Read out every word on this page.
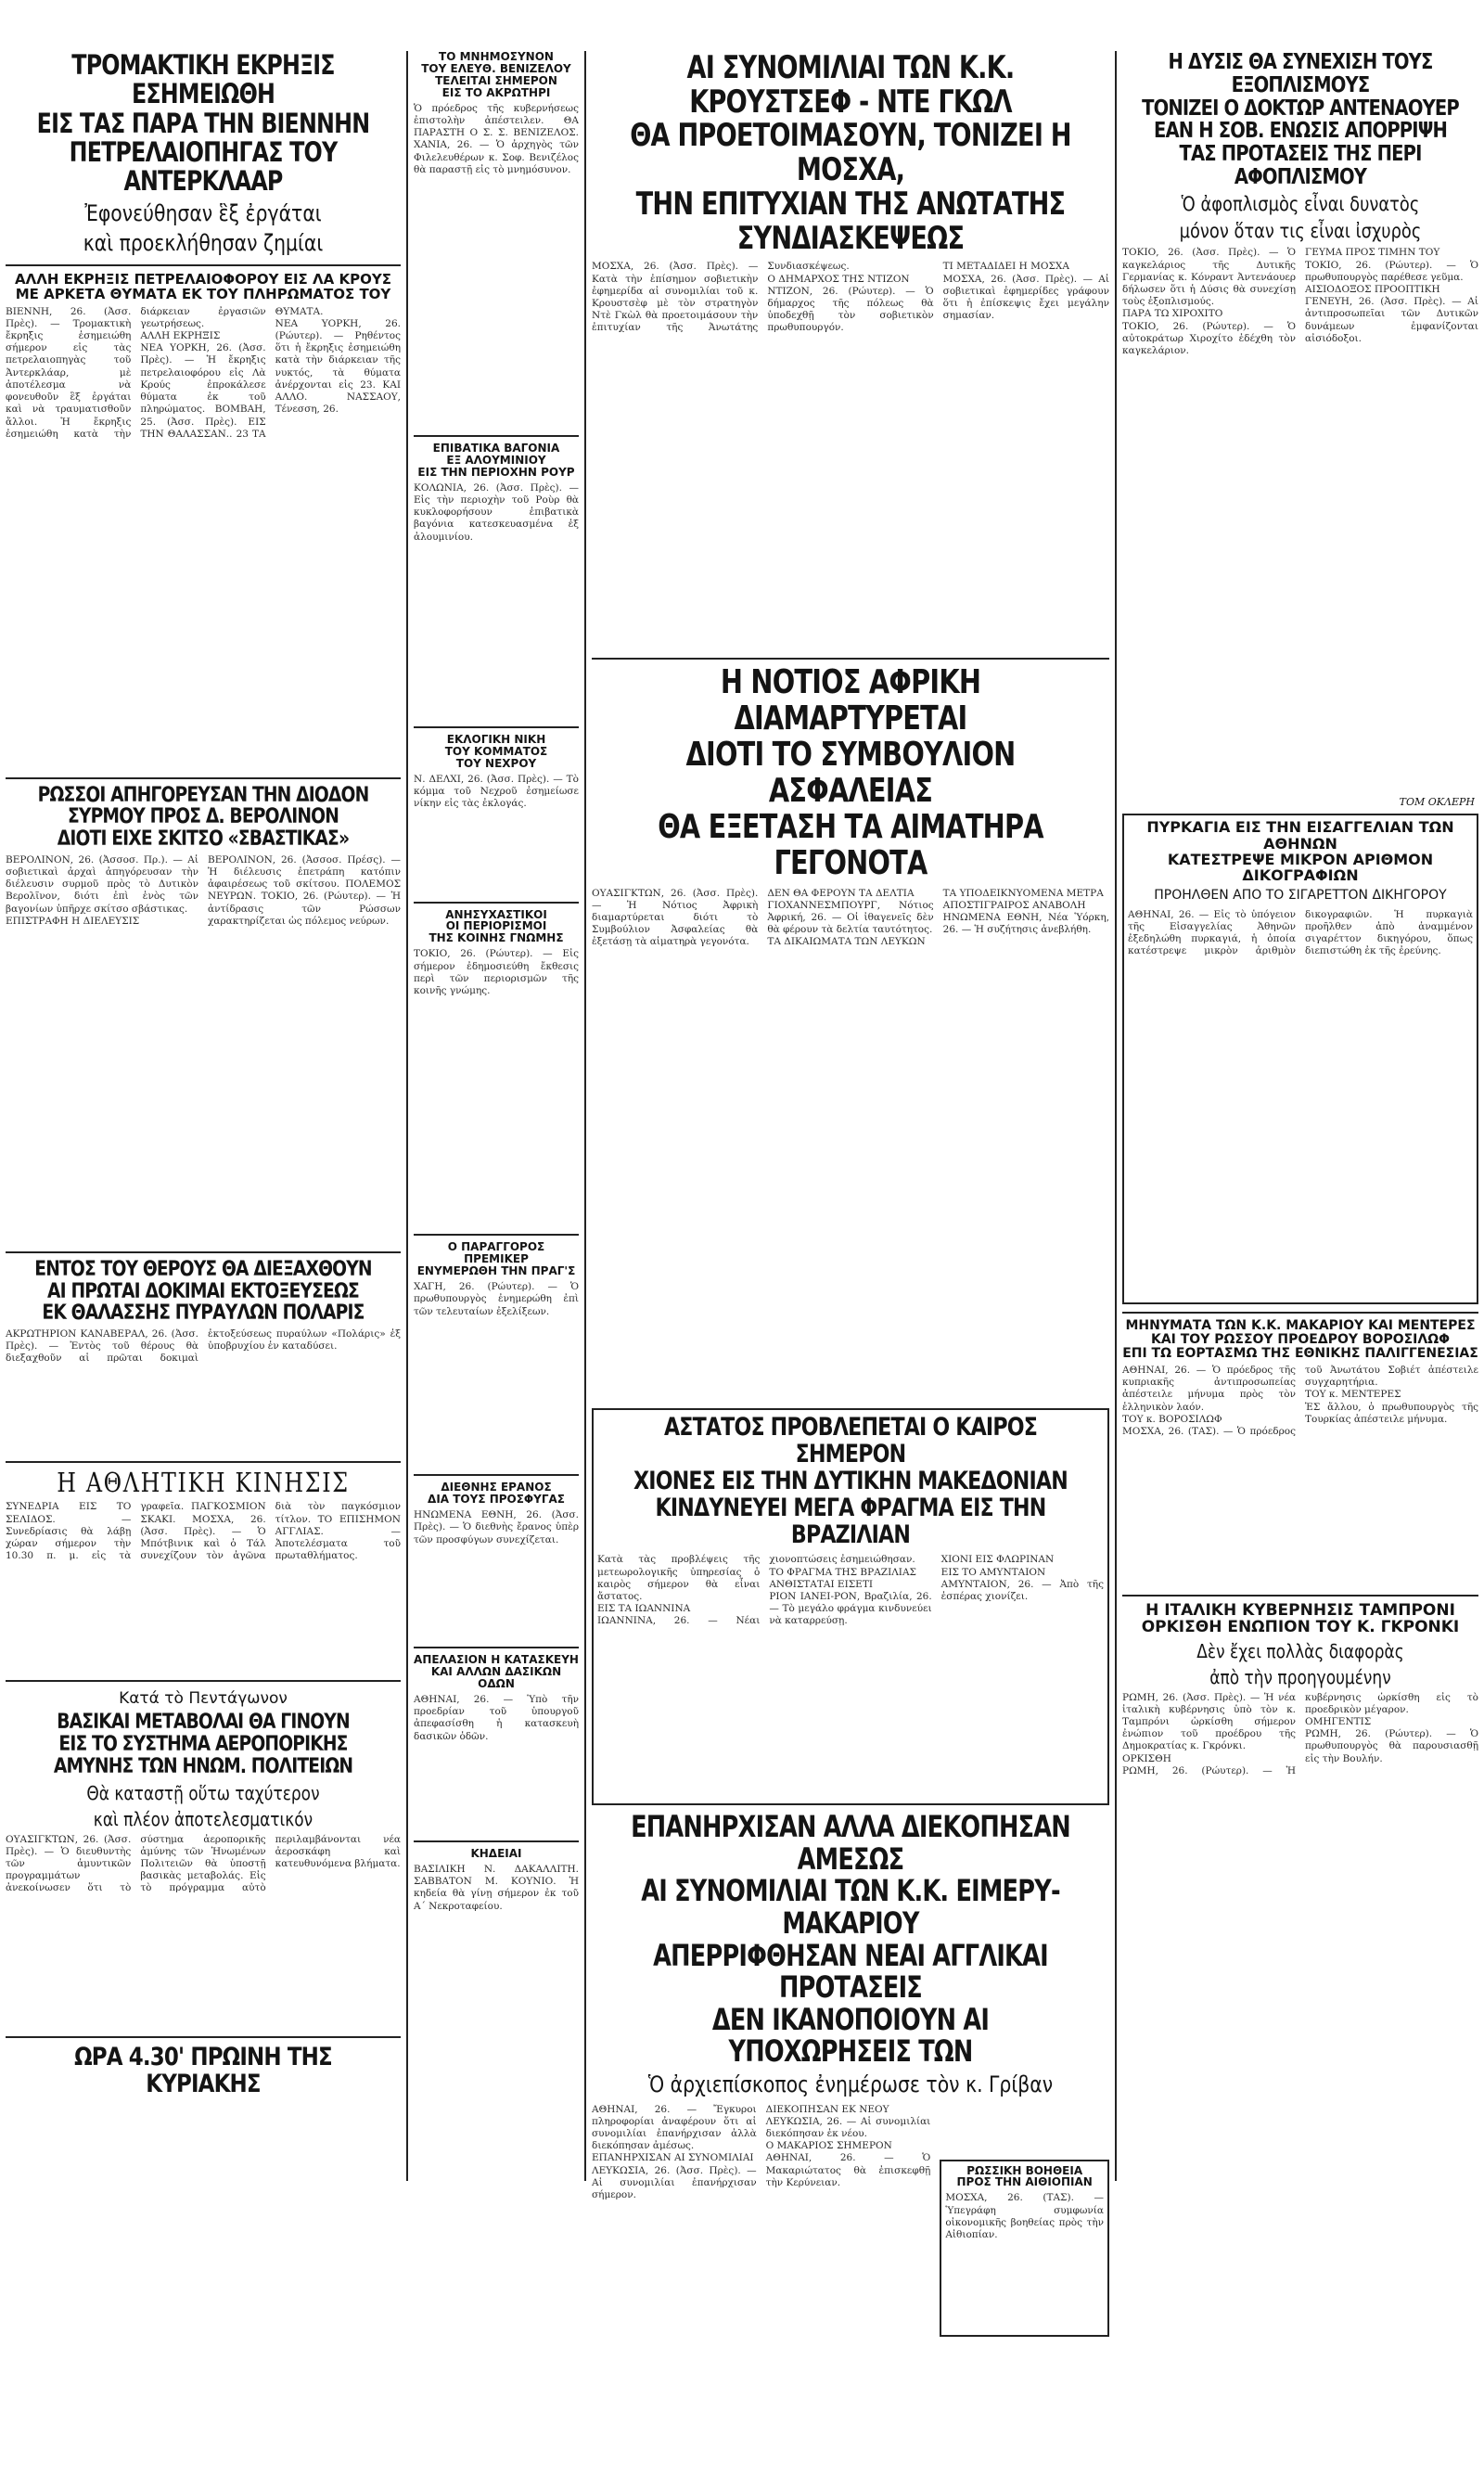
ΤΡΟΜΑΚΤΙΚΗ ΕΚΡΗΞΙΣ ΕΣΗΜΕΙΩΘΗ
ΕΙΣ ΤΑΣ ΠΑΡΑ ΤΗΝ ΒΙΕΝΝΗΝ
ΠΕΤΡΕΛΑΙΟΠΗΓΑΣ ΤΟΥ ΑΝΤΕΡΚΛΑΑΡ
Ἐφονεύθησαν ἓξ ἐργάται
καὶ προεκλήθησαν ζημίαι
ΑΛΛΗ ΕΚΡΗΞΙΣ ΠΕΤΡΕΛΑΙΟΦΟΡΟΥ ΕΙΣ ΛΑ ΚΡΟΥΣ
ΜΕ ΑΡΚΕΤΑ ΘΥΜΑΤΑ ΕΚ ΤΟΥ ΠΛΗΡΩΜΑΤΟΣ ΤΟΥ
ΒΙΕΝΝΗ, 26. (Ἀσσ. Πρὲς). — Τρομακτικὴ ἔκρηξις ἐσημειώθη σήμερον εἰς τὰς πετρελαιοπηγὰς τοῦ Ἀντερκλάαρ, μὲ ἀποτέλεσμα νὰ φονευθοῦν ἓξ ἐργάται καὶ νὰ τραυματισθοῦν ἄλλοι. Ἡ ἔκρηξις ἐσημειώθη κατὰ τὴν διάρκειαν ἐργασιῶν γεωτρήσεως.
ΑΛΛΗ ΕΚΡΗΞΙΣ
ΝΕΑ ΥΟΡΚΗ, 26. (Ἀσσ. Πρὲς). — Ἡ ἔκρηξις πετρελαιοφόρου εἰς Λὰ Κρούς ἐπροκάλεσε θύματα ἐκ τοῦ πληρώματος. ΒΟΜΒΑΗ, 25. (Ἀσσ. Πρὲς). ΕΙΣ ΤΗΝ ΘΑΛΑΣΣΑΝ.. 23 ΤΑ ΘΥΜΑΤΑ.
ΝΕΑ ΥΟΡΚΗ, 26. (Ρώυτερ). — Ρηθέντος ὅτι ἡ ἔκρηξις ἐσημειώθη κατὰ τὴν διάρκειαν τῆς νυκτός, τὰ θύματα ἀνέρχονται εἰς 23. ΚΑΙ ΑΛΛΟ. ΝΑΣΣΑΟΥ, Τένεσση, 26.
ΡΩΣΣΟΙ ΑΠΗΓΟΡΕΥΣΑΝ ΤΗΝ ΔΙΟΔΟΝ
ΣΥΡΜΟΥ ΠΡΟΣ Δ. ΒΕΡΟΛΙΝΟΝ
ΔΙΟΤΙ ΕΙΧΕ ΣΚΙΤΣΟ «ΣΒΑΣΤΙΚΑΣ»
ΒΕΡΟΛΙΝΟΝ, 26. (Ἀσσοσ. Πρ.). — Αἱ σοβιετικαὶ ἀρχαὶ ἀπηγόρευσαν τὴν διέλευσιν συρμοῦ πρὸς τὸ Δυτικὸν Βερολῖνον, διότι ἐπὶ ἑνὸς τῶν βαγονίων ὑπῆρχε σκίτσο σβάστικας.
ΕΠΙΣΤΡΑΦΗ Η ΔΙΕΛΕΥΣΙΣ
ΒΕΡΟΛΙΝΟΝ, 26. (Ἀσσοσ. Πρέσς). — Ἡ διέλευσις ἐπετράπη κατόπιν ἀφαιρέσεως τοῦ σκίτσου. ΠΟΛΕΜΟΣ ΝΕΥΡΩΝ. ΤΟΚΙΟ, 26. (Ρώυτερ). — Ἡ ἀντίδρασις τῶν Ρώσσων χαρακτηρίζεται ὡς πόλεμος νεύρων.
ΕΝΤΟΣ ΤΟΥ ΘΕΡΟΥΣ ΘΑ ΔΙΕΞΑΧΘΟΥΝ
ΑΙ ΠΡΩΤΑΙ ΔΟΚΙΜΑΙ ΕΚΤΟΞΕΥΣΕΩΣ
ΕΚ ΘΑΛΑΣΣΗΣ ΠΥΡΑΥΛΩΝ ΠΟΛΑΡΙΣ
ΑΚΡΩΤΗΡΙΟΝ ΚΑΝΑΒΕΡΑΛ, 26. (Ἀσσ. Πρὲς). — Ἐντὸς τοῦ θέρους θὰ διεξαχθοῦν αἱ πρῶται δοκιμαὶ ἐκτοξεύσεως πυραύλων «Πολάρις» ἐξ ὑποβρυχίου ἐν καταδύσει.
Η ΑΘΛΗΤΙΚΗ ΚΙΝΗΣΙΣ
ΣΥΝΕΔΡΙΑ ΕΙΣ ΤΟ ΣΕΛΙΔΟΣ. — Συνεδρίασις θὰ λάβῃ χώραν σήμερον τὴν 10.30 π. μ. εἰς τὰ γραφεῖα. ΠΑΓΚΟΣΜΙΟΝ ΣΚΑΚΙ. ΜΟΣΧΑ, 26. (Ἀσσ. Πρὲς). — Ὁ Μπότβινικ καὶ ὁ Τάλ συνεχίζουν τὸν ἀγῶνα διὰ τὸν παγκόσμιον τίτλον. ΤΟ ΕΠΙΣΗΜΟΝ ΑΓΓΛΙΑΣ. — Ἀποτελέσματα τοῦ πρωταθλήματος.
Κατά τὸ Πεντάγωνον
ΒΑΣΙΚΑΙ ΜΕΤΑΒΟΛΑΙ ΘΑ ΓΙΝΟΥΝ
ΕΙΣ ΤΟ ΣΥΣΤΗΜΑ ΑΕΡΟΠΟΡΙΚΗΣ
ΑΜΥΝΗΣ ΤΩΝ ΗΝΩΜ. ΠΟΛΙΤΕΙΩΝ
Θὰ καταστῇ οὕτω ταχύτερον
καὶ πλέον ἀποτελεσματικόν
ΟΥΑΣΙΓΚΤΩΝ, 26. (Ἀσσ. Πρὲς). — Ὁ διευθυντὴς τῶν ἀμυντικῶν προγραμμάτων ἀνεκοίνωσεν ὅτι τὸ σύστημα ἀεροπορικῆς ἀμύνης τῶν Ἡνωμένων Πολιτειῶν θὰ ὑποστῇ βασικὰς μεταβολάς. Εἰς τὸ πρόγραμμα αὐτὸ περιλαμβάνονται νέα ἀεροσκάφη καὶ κατευθυνόμενα βλήματα.
ΩΡΑ 4.30' ΠΡΩΙΝΗ ΤΗΣ ΚΥΡΙΑΚΗΣ
ΤΟ ΜΝΗΜΟΣΥΝΟΝ
ΤΟΥ ΕΛΕΥΘ. ΒΕΝΙΖΕΛΟΥ
ΤΕΛΕΙΤΑΙ ΣΗΜΕΡΟΝ
ΕΙΣ ΤΟ ΑΚΡΩΤΗΡΙ
Ὁ πρόεδρος τῆς κυβερνήσεως ἐπιστολὴν ἀπέστειλεν. ΘΑ ΠΑΡΑΣΤΗ Ο Σ. Σ. ΒΕΝΙΖΕΛΟΣ. ΧΑΝΙΑ, 26. — Ὁ ἀρχηγὸς τῶν Φιλελευθέρων κ. Σοφ. Βενιζέλος θὰ παραστῇ εἰς τὸ μνημόσυνον.
ΕΠΙΒΑΤΙΚΑ ΒΑΓΟΝΙΑ
ΕΞ ΑΛΟΥΜΙΝΙΟΥ
ΕΙΣ ΤΗΝ ΠΕΡΙΟΧΗΝ ΡΟΥΡ
ΚΟΛΩΝΙΑ, 26. (Ἀσσ. Πρὲς). — Εἰς τὴν περιοχὴν τοῦ Ροὺρ θὰ κυκλοφορήσουν ἐπιβατικὰ βαγόνια κατεσκευασμένα ἐξ ἀλουμινίου.
ΕΚΛΟΓΙΚΗ ΝΙΚΗ
ΤΟΥ ΚΟΜΜΑΤΟΣ
ΤΟΥ ΝΕΧΡΟΥ
Ν. ΔΕΛΧΙ, 26. (Ἀσσ. Πρὲς). — Τὸ κόμμα τοῦ Νεχροῦ ἐσημείωσε νίκην εἰς τὰς ἐκλογάς.
ΑΝΗΣΥΧΑΣΤΙΚΟΙ
ΟΙ ΠΕΡΙΟΡΙΣΜΟΙ
ΤΗΣ ΚΟΙΝΗΣ ΓΝΩΜΗΣ
ΤΟΚΙΟ, 26. (Ρώυτερ). — Εἰς σήμερον ἐδημοσιεύθη ἔκθεσις περὶ τῶν περιορισμῶν τῆς κοινῆς γνώμης.
Ο ΠΑΡΑΓΓΟΡΟΣ ΠΡΕΜΙΚΕΡ
ΕΝΥΜΕΡΩΘΗ ΤΗΝ ΠΡΑΓ'Σ
ΧΑΓΗ, 26. (Ρώυτερ). — Ὁ πρωθυπουργὸς ἐνημερώθη ἐπὶ τῶν τελευταίων ἐξελίξεων.
ΔΙΕΘΝΗΣ ΕΡΑΝΟΣ
ΔΙΑ ΤΟΥΣ ΠΡΟΣΦΥΓΑΣ
ΗΝΩΜΕΝΑ ΕΘΝΗ, 26. (Ἀσσ. Πρὲς). — Ὁ διεθνὴς ἔρανος ὑπὲρ τῶν προσφύγων συνεχίζεται.
ΑΠΕΛΑΣΙΟΝ Η ΚΑΤΑΣΚΕΥΗ
ΚΑΙ ΑΛΛΩΝ ΔΑΣΙΚΩΝ ΟΔΩΝ
ΑΘΗΝΑΙ, 26. — Ὑπὸ τῆν προεδρίαν τοῦ ὑπουργοῦ ἀπεφασίσθη ἡ κατασκευὴ δασικῶν ὁδῶν.
ΚΗΔΕΙΑΙ
ΒΑΣΙΛΙΚΗ Ν. ΔΑΚΑΛΛΙΤΗ. ΣΑΒΒΑΤΟΝ Μ. ΚΟΥΝΙΟ. Ἡ κηδεία θὰ γίνῃ σήμερον ἐκ τοῦ Α΄ Νεκροταφείου.
ΑΙ ΣΥΝΟΜΙΛΙΑΙ ΤΩΝ Κ.Κ. ΚΡΟΥΣΤΣΕΦ - ΝΤΕ ΓΚΩΛ
ΘΑ ΠΡΟΕΤΟΙΜΑΣΟΥΝ, ΤΟΝΙΖΕΙ Η ΜΟΣΧΑ,
ΤΗΝ ΕΠΙΤΥΧΙΑΝ ΤΗΣ ΑΝΩΤΑΤΗΣ ΣΥΝΔΙΑΣΚΕΨΕΩΣ
ΜΟΣΧΑ, 26. (Ἀσσ. Πρὲς). — Κατὰ τὴν ἐπίσημον σοβιετικὴν ἐφημερίδα αἱ συνομιλίαι τοῦ κ. Κρουστσὲφ μὲ τὸν στρατηγὸν Ντὲ Γκὼλ θὰ προετοιμάσουν τὴν ἐπιτυχίαν τῆς Ἀνωτάτης Συνδιασκέψεως.
Ο ΔΗΜΑΡΧΟΣ ΤΗΣ ΝΤΙΖΟΝ
ΝΤΙΖΟΝ, 26. (Ρώυτερ). — Ὁ δήμαρχος τῆς πόλεως θὰ ὑποδεχθῇ τὸν σοβιετικὸν πρωθυπουργόν.
ΤΙ ΜΕΤΑΔΙΔΕΙ Η ΜΟΣΧΑ
ΜΟΣΧΑ, 26. (Ἀσσ. Πρὲς). — Αἱ σοβιετικαὶ ἐφημερίδες γράφουν ὅτι ἡ ἐπίσκεψις ἔχει μεγάλην σημασίαν.
Η ΝΟΤΙΟΣ ΑΦΡΙΚΗ ΔΙΑΜΑΡΤΥΡΕΤΑΙ
ΔΙΟΤΙ ΤΟ ΣΥΜΒΟΥΛΙΟΝ ΑΣΦΑΛΕΙΑΣ
ΘΑ ΕΞΕΤΑΣΗ ΤΑ ΑΙΜΑΤΗΡΑ ΓΕΓΟΝΟΤΑ
ΟΥΑΣΙΓΚΤΩΝ, 26. (Ἀσσ. Πρὲς). — Ἡ Νότιος Ἀφρικὴ διαμαρτύρεται διότι τὸ Συμβούλιον Ἀσφαλείας θὰ ἐξετάσῃ τὰ αἱματηρὰ γεγονότα.
ΔΕΝ ΘΑ ΦΕΡΟΥΝ ΤΑ ΔΕΛΤΙΑ
ΓΙΟΧΑΝΝΕΣΜΠΟΥΡΓ, Νότιος Ἀφρική, 26. — Οἱ ἰθαγενεῖς δὲν θὰ φέρουν τὰ δελτία ταυτότητος.
ΤΑ ΔΙΚΑΙΩΜΑΤΑ ΤΩΝ ΛΕΥΚΩΝ
ΤΑ ΥΠΟΔΕΙΚΝΥΟΜΕΝΑ ΜΕΤΡΑ
ΑΠΟΣΤΙΓΡΑΙΡΟΣ ΑΝΑΒΟΛΗ
ΗΝΩΜΕΝΑ ΕΘΝΗ, Νέα Ὑόρκη, 26. — Ἡ συζήτησις ἀνεβλήθη.
ΑΣΤΑΤΟΣ ΠΡΟΒΛΕΠΕΤΑΙ Ο ΚΑΙΡΟΣ ΣΗΜΕΡΟΝ
ΧΙΟΝΕΣ ΕΙΣ ΤΗΝ ΔΥΤΙΚΗΝ ΜΑΚΕΔΟΝΙΑΝ
ΚΙΝΔΥΝΕΥΕΙ ΜΕΓΑ ΦΡΑΓΜΑ ΕΙΣ ΤΗΝ ΒΡΑΖΙΛΙΑΝ
Κατὰ τὰς προβλέψεις τῆς μετεωρολογικῆς ὑπηρεσίας ὁ καιρὸς σήμερον θὰ εἶναι ἄστατος.
ΕΙΣ ΤΑ ΙΩΑΝΝΙΝΑ
ΙΩΑΝΝΙΝΑ, 26. — Νέαι χιονοπτώσεις ἐσημειώθησαν.
ΤΟ ΦΡΑΓΜΑ ΤΗΣ ΒΡΑΖΙΛΙΑΣ
ΑΝΘΙΣΤΑΤΑΙ ΕΙΣΕΤΙ
ΡΙΟΝ ΙΑΝΕΙ-ΡΟΝ, Βραζιλία, 26. — Τὸ μεγάλο φράγμα κινδυνεύει νὰ καταρρεύσῃ.
ΧΙΟΝΙ ΕΙΣ ΦΛΩΡΙΝΑΝ
ΕΙΣ ΤΟ ΑΜΥΝΤΑΙΟΝ
ΑΜΥΝΤΑΙΟΝ, 26. — Ἀπὸ τῆς ἐσπέρας χιονίζει.
ΕΠΑΝΗΡΧΙΣΑΝ ΑΛΛΑ ΔΙΕΚΟΠΗΣΑΝ ΑΜΕΣΩΣ
ΑΙ ΣΥΝΟΜΙΛΙΑΙ ΤΩΝ Κ.Κ. ΕΙΜΕΡΥ-ΜΑΚΑΡΙΟΥ
ΑΠΕΡΡΙΦΘΗΣΑΝ ΝΕΑΙ ΑΓΓΛΙΚΑΙ ΠΡΟΤΑΣΕΙΣ
ΔΕΝ ΙΚΑΝΟΠΟΙΟΥΝ ΑΙ ΥΠΟΧΩΡΗΣΕΙΣ ΤΩΝ
Ὁ ἀρχιεπίσκοπος ἐνημέρωσε τὸν κ. Γρίβαν
ΑΘΗΝΑΙ, 26. — Ἔγκυροι πληροφορίαι ἀναφέρουν ὅτι αἱ συνομιλίαι ἐπανήρχισαν ἀλλὰ διεκόπησαν ἀμέσως.
ΕΠΑΝΗΡΧΙΣΑΝ ΑΙ ΣΥΝΟΜΙΛΙΑΙ
ΛΕΥΚΩΣΙΑ, 26. (Ἀσσ. Πρὲς). — Αἱ συνομιλίαι ἐπανήρχισαν σήμερον.
ΔΙΕΚΟΠΗΣΑΝ ΕΚ ΝΕΟΥ
ΛΕΥΚΩΣΙΑ, 26. — Αἱ συνομιλίαι διεκόπησαν ἐκ νέου.
Ο ΜΑΚΑΡΙΟΣ ΣΗΜΕΡΟΝ
ΑΘΗΝΑΙ, 26. — Ὁ Μακαριώτατος θὰ ἐπισκεφθῇ τὴν Κερύνειαν.
ΡΩΣΣΙΚΗ ΒΟΗΘΕΙΑ
ΠΡΟΣ ΤΗΝ ΑΙΘΙΟΠΙΑΝ
ΜΟΣΧΑ, 26. (ΤΑΣ). — Ὑπεγράφη συμφωνία οἰκονομικῆς βοηθείας πρὸς τὴν Αἰθιοπίαν.
Η ΔΥΣΙΣ ΘΑ ΣΥΝΕΧΙΣΗ ΤΟΥΣ ΕΞΟΠΛΙΣΜΟΥΣ
ΤΟΝΙΖΕΙ Ο ΔΟΚΤΩΡ ΑΝΤΕΝΑΟΥΕΡ
ΕΑΝ Η ΣΟΒ. ΕΝΩΣΙΣ ΑΠΟΡΡΙΨΗ
ΤΑΣ ΠΡΟΤΑΣΕΙΣ ΤΗΣ ΠΕΡΙ ΑΦΟΠΛΙΣΜΟΥ
Ὁ ἀφοπλισμὸς εἶναι δυνατὸς
μόνον ὅταν τις εἶναι ἰσχυρὸς
ΤΟΚΙΟ, 26. (Ἀσσ. Πρὲς). — Ὁ καγκελάριος τῆς Δυτικῆς Γερμανίας κ. Κόνραντ Ἀντενάουερ δήλωσεν ὅτι ἡ Δύσις θὰ συνεχίσῃ τοὺς ἐξοπλισμούς.
ΠΑΡΑ ΤΩ ΧΙΡΟΧΙΤΟ
ΤΟΚΙΟ, 26. (Ρώυτερ). — Ὁ αὐτοκράτωρ Χιροχίτο ἐδέχθη τὸν καγκελάριον.
ΓΕΥΜΑ ΠΡΟΣ ΤΙΜΗΝ ΤΟΥ
ΤΟΚΙΟ, 26. (Ρώυτερ). — Ὁ πρωθυπουργὸς παρέθεσε γεῦμα.
ΑΙΣΙΟΔΟΞΟΣ ΠΡΟΟΠΤΙΚΗ
ΓΕΝΕΥΗ, 26. (Ἀσσ. Πρὲς). — Αἱ ἀντιπροσωπεῖαι τῶν Δυτικῶν δυνάμεων ἐμφανίζονται αἰσιόδοξοι.
ΤΟΜ ΟΚΛΕΡΗ
ΠΥΡΚΑΓΙΑ ΕΙΣ ΤΗΝ ΕΙΣΑΓΓΕΛΙΑΝ ΤΩΝ ΑΘΗΝΩΝ
ΚΑΤΕΣΤΡΕΨΕ ΜΙΚΡΟΝ ΑΡΙΘΜΟΝ ΔΙΚΟΓΡΑΦΙΩΝ
ΠΡΟΗΛΘΕΝ ΑΠΟ ΤΟ ΣΙΓΑΡΕΤΤΟΝ ΔΙΚΗΓΟΡΟΥ
ΑΘΗΝΑΙ, 26. — Εἰς τὸ ὑπόγειον τῆς Εἰσαγγελίας Ἀθηνῶν ἐξεδηλώθη πυρκαγιά, ἡ ὁποία κατέστρεψε μικρὸν ἀριθμὸν δικογραφιῶν. Ἡ πυρκαγιὰ προῆλθεν ἀπὸ ἀναμμένον σιγαρέττον δικηγόρου, ὅπως διεπιστώθη ἐκ τῆς ἐρεύνης.
ΜΗΝΥΜΑΤΑ ΤΩΝ Κ.Κ. ΜΑΚΑΡΙΟΥ ΚΑΙ ΜΕΝΤΕΡΕΣ
ΚΑΙ ΤΟΥ ΡΩΣΣΟΥ ΠΡΟΕΔΡΟΥ ΒΟΡΟΣΙΛΩΦ
ΕΠΙ ΤΩ ΕΟΡΤΑΣΜΩ ΤΗΣ ΕΘΝΙΚΗΣ ΠΑΛΙΓΓΕΝΕΣΙΑΣ
ΑΘΗΝΑΙ, 26. — Ὁ πρόεδρος τῆς κυπριακῆς ἀντιπροσωπείας ἀπέστειλε μήνυμα πρὸς τὸν ἑλληνικὸν λαόν.
ΤΟΥ κ. ΒΟΡΟΣΙΛΩΦ
ΜΟΣΧΑ, 26. (ΤΑΣ). — Ὁ πρόεδρος τοῦ Ἀνωτάτου Σοβιέτ ἀπέστειλε συγχαρητήρια.
ΤΟΥ κ. ΜΕΝΤΕΡΕΣ
ἙΣ ἄλλου, ὁ πρωθυπουργὸς τῆς Τουρκίας ἀπέστειλε μήνυμα.
Η ΙΤΑΛΙΚΗ ΚΥΒΕΡΝΗΣΙΣ ΤΑΜΠΡΟΝΙ
ΟΡΚΙΣΘΗ ΕΝΩΠΙΟΝ ΤΟΥ Κ. ΓΚΡΟΝΚΙ
Δὲν ἔχει πολλὰς διαφορὰς
ἀπὸ τὴν προηγουμένην
ΡΩΜΗ, 26. (Ἀσσ. Πρὲς). — Ἡ νέα ἰταλικὴ κυβέρνησις ὑπὸ τὸν κ. Ταμπρόνι ὡρκίσθη σήμερον ἐνώπιον τοῦ προέδρου τῆς Δημοκρατίας κ. Γκρόνκι.
ΟΡΚΙΣΘΗ
ΡΩΜΗ, 26. (Ρώυτερ). — Ἡ κυβέρνησις ὡρκίσθη εἰς τὸ προεδρικὸν μέγαρον.
ΟΜΗΓΕΝΤΙΣ
ΡΩΜΗ, 26. (Ρώυτερ). — Ὁ πρωθυπουργὸς θὰ παρουσιασθῇ εἰς τὴν Βουλήν.
